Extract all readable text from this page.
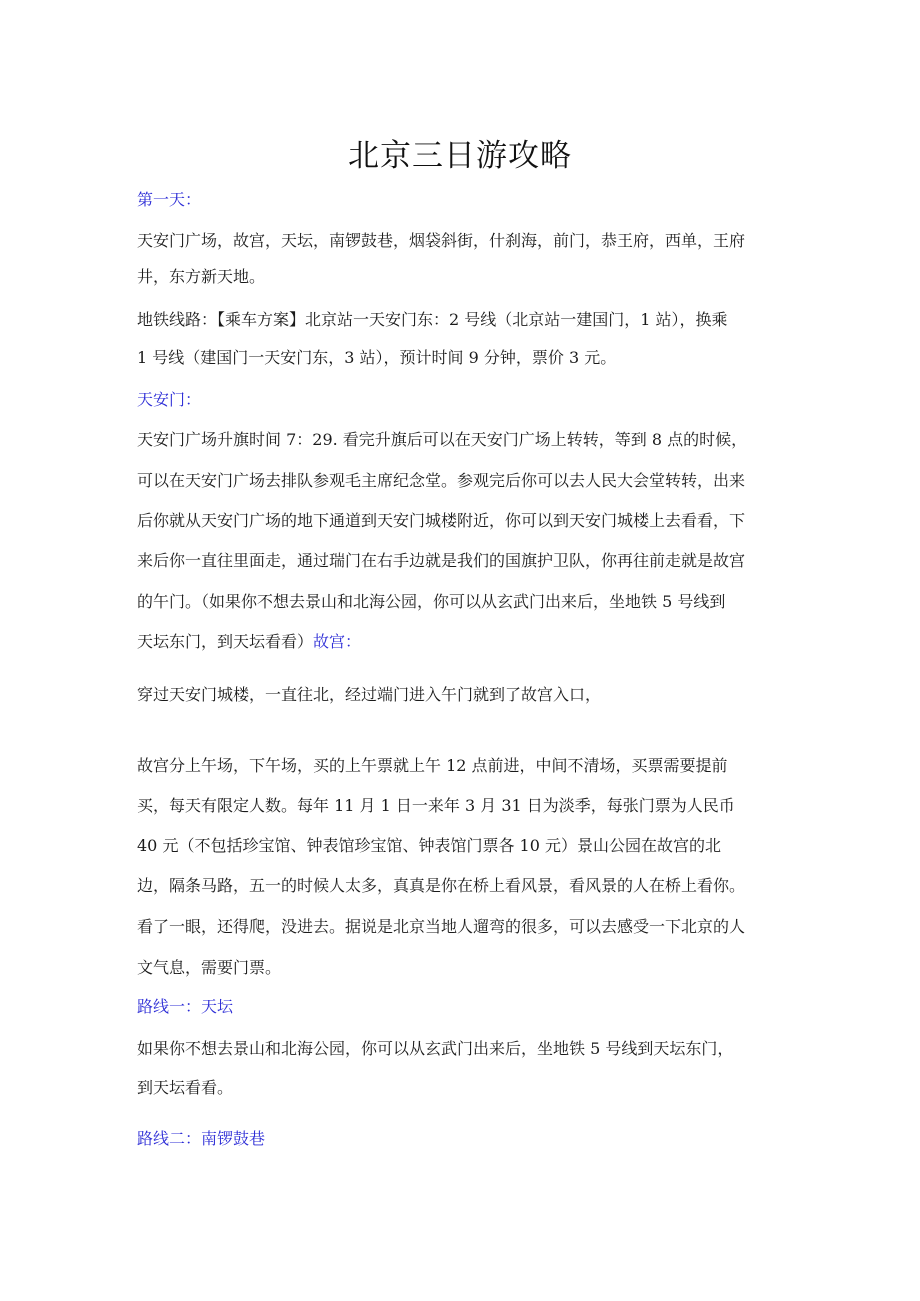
北京三日游攻略
第一天：
天安门广场，故宫，天坛，南锣鼓巷，烟袋斜街，什刹海，前门，恭王府，西单，王府
井，东方新天地。
地铁线路：【乘车方案】北京站一天安门东：2 号线（北京站一建国门，1 站），换乘
1 号线（建国门一天安门东，3 站），预计时间 9 分钟，票价 3 元。
天安门：
天安门广场升旗时间 7：29. 看完升旗后可以在天安门广场上转转，等到 8 点的时候，
可以在天安门广场去排队参观毛主席纪念堂。参观完后你可以去人民大会堂转转，出来
后你就从天安门广场的地下通道到天安门城楼附近，你可以到天安门城楼上去看看，下
来后你一直往里面走，通过瑞门在右手边就是我们的国旗护卫队，你再往前走就是故宫
的午门。（如果你不想去景山和北海公园，你可以从玄武门出来后，坐地铁 5 号线到
天坛东门，到天坛看看）故宫：
穿过天安门城楼，一直往北，经过端门进入午门就到了故宫入口，
故宫分上午场，下午场，买的上午票就上午 12 点前进，中间不清场，买票需要提前
买，每天有限定人数。每年 11 月 1 日一来年 3 月 31 日为淡季，每张门票为人民币
40 元（不包括珍宝馆、钟表馆珍宝馆、钟表馆门票各 10 元）景山公园在故宫的北
边，隔条马路，五一的时候人太多，真真是你在桥上看风景，看风景的人在桥上看你。
看了一眼，还得爬，没进去。据说是北京当地人遛弯的很多，可以去感受一下北京的人
文气息，需要门票。
路线一：天坛
如果你不想去景山和北海公园，你可以从玄武门出来后，坐地铁 5 号线到天坛东门，
到天坛看看。
路线二：南锣鼓巷
